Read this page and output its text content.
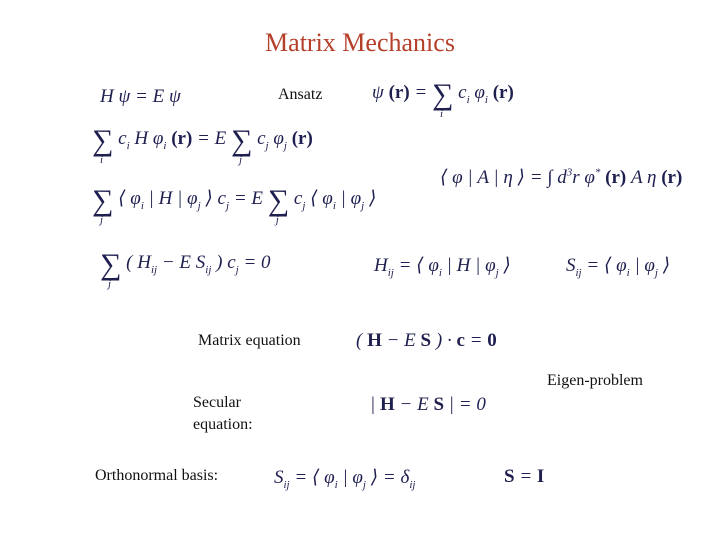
Matrix Mechanics
H ψ = E ψ	Ansatz	ψ (r) = ∑
i
$c_i$ $\varphi_i$ (r)
∑
i
$c_i$ H $\varphi_i$ (r) = E ∑
j
$c_j$ $\varphi_j$ (r)
⟨ φ | A | η ⟩ = ∫ $d^3r$ φ* (r) A η (r)
∑
j
⟨ $\varphi_i$ | H | $\varphi_j$ ⟩ $c_j = E$ ∑
j
$c_j$ ⟨ $\varphi_i$ | $\varphi_j$ ⟩
∑
j
( $H_{ij} - E$ $S_{ij}$ ) $c_j = 0$	$H_{ij}$ = ⟨ $\varphi_i$ | H | $\varphi_j$ ⟩	$S_{ij}$ = ⟨ $\varphi_i$ | $\varphi_j$ ⟩
Matrix equation	( H − E S ) · c = 0
Eigen-problem
Secular
equation:
| H − E S | = 0
Orthonormal basis:	$S_{ij}$ = ⟨ $\varphi_i$ | $\varphi_j$ ⟩ = $\delta_{ij}$	S = I
